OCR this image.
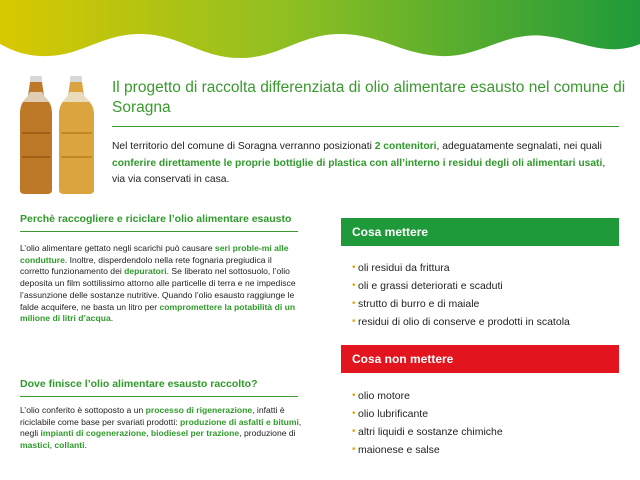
Il progetto di raccolta differenziata di olio alimentare esausto nel comune di Soragna

Nel territorio del comune di Soragna verranno posizionati 2 contenitori, adeguatamente segnalati, nei quali conferire direttamente le proprie bottiglie di plastica con all’interno i residui degli oli alimentari usati, via via conservati in casa.

Perchè raccogliere e riciclare l’olio alimentare esausto

L’olio alimentare gettato negli scarichi può causare seri proble-mi alle condutture. Inoltre, disperdendolo nella rete fognaria pregiudica il corretto funzionamento dei depuratori. Se liberato nel sottosuolo, l’olio deposita un film sottilissimo attorno alle particelle di terra e ne impedisce l’assunzione delle sostanze nutritive. Quando l’olio esausto raggiunge le falde acquifere, ne basta un litro per compromettere la potabilità di un milione di litri d’acqua.

Dove finisce l’olio alimentare esausto raccolto?

L’olio conferito è sottoposto a un processo di rigenerazione, infatti è riciclabile come base per svariati prodotti: produzione di asfalti e bitumi, negli impianti di cogenerazione, biodiesel per trazione, produzione di mastici, collanti.

Cosa mettere
• oli residui da frittura
• oli e grassi deteriorati e scaduti
• strutto di burro e di maiale
• residui di olio di conserve e prodotti in scatola
Cosa non mettere
• olio motore
• olio lubrificante
• altri liquidi e sostanze chimiche
• maionese e salse
